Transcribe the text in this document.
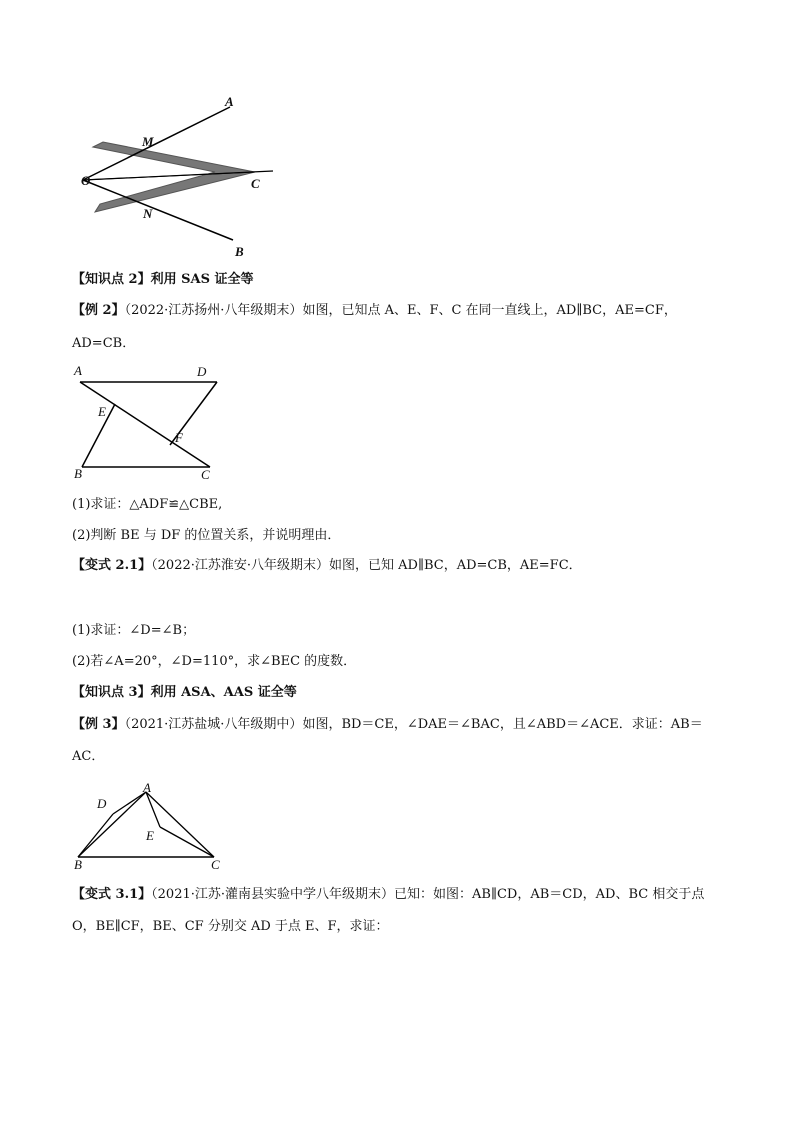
A
M
O	C
N
B
【知识点 2】利用 SAS 证全等
【例 2】（2022·江苏扬州·八年级期末）如图，已知点 A、E、F、C 在同一直线上，AD∥BC，AE=CF，
AD=CB．
A	D
E
F
B	C
(1)求证：△ADF≌△CBE,
(2)判断 BE 与 DF 的位置关系，并说明理由．
【变式 2.1】（2022·江苏淮安·八年级期末）如图，已知 AD∥BC，AD=CB，AE=FC．
(1)求证：∠D=∠B；
(2)若∠A=20°，∠D=110°，求∠BEC 的度数．
【知识点 3】利用 ASA、AAS 证全等
【例 3】（2021·江苏盐城·八年级期中）如图，BD＝CE，∠DAE＝∠BAC，且∠ABD＝∠ACE．求证：AB＝
AC．
D
A
E
B	C
【变式 3.1】（2021·江苏·灌南县实验中学八年级期末）已知：如图：AB∥CD，AB＝CD，AD、BC 相交于点
O，BE∥CF，BE、CF 分别交 AD 于点 E、F，求证：
